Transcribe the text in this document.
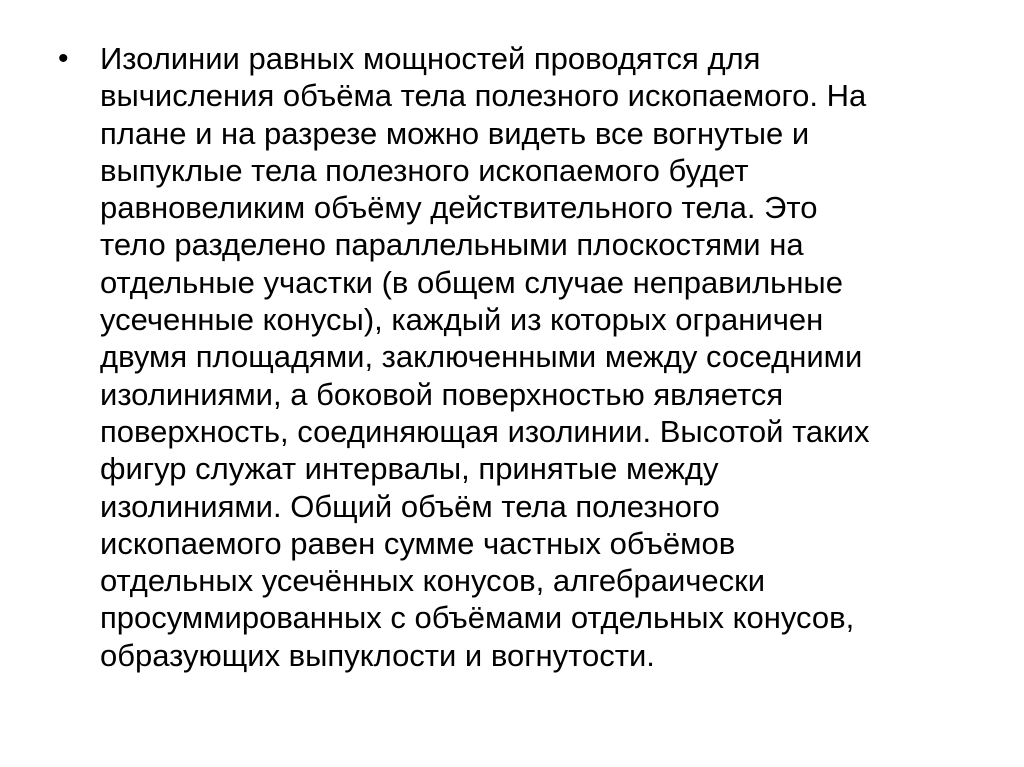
• Изолинии равных мощностей проводятся для
вычисления объёма тела полезного ископаемого. На
плане и на разрезе можно видеть все вогнутые и
выпуклые тела полезного ископаемого будет
равновеликим объёму действительного тела. Это
тело разделено параллельными плоскостями на
отдельные участки (в общем случае неправильные
усеченные конусы), каждый из которых ограничен
двумя площадями, заключенными между соседними
изолиниями, а боковой поверхностью является
поверхность, соединяющая изолинии. Высотой таких
фигур служат интервалы, принятые между
изолиниями. Общий объём тела полезного
ископаемого равен сумме частных объёмов
отдельных усечённых конусов, алгебраически
просуммированных с объёмами отдельных конусов,
образующих выпуклости и вогнутости.
